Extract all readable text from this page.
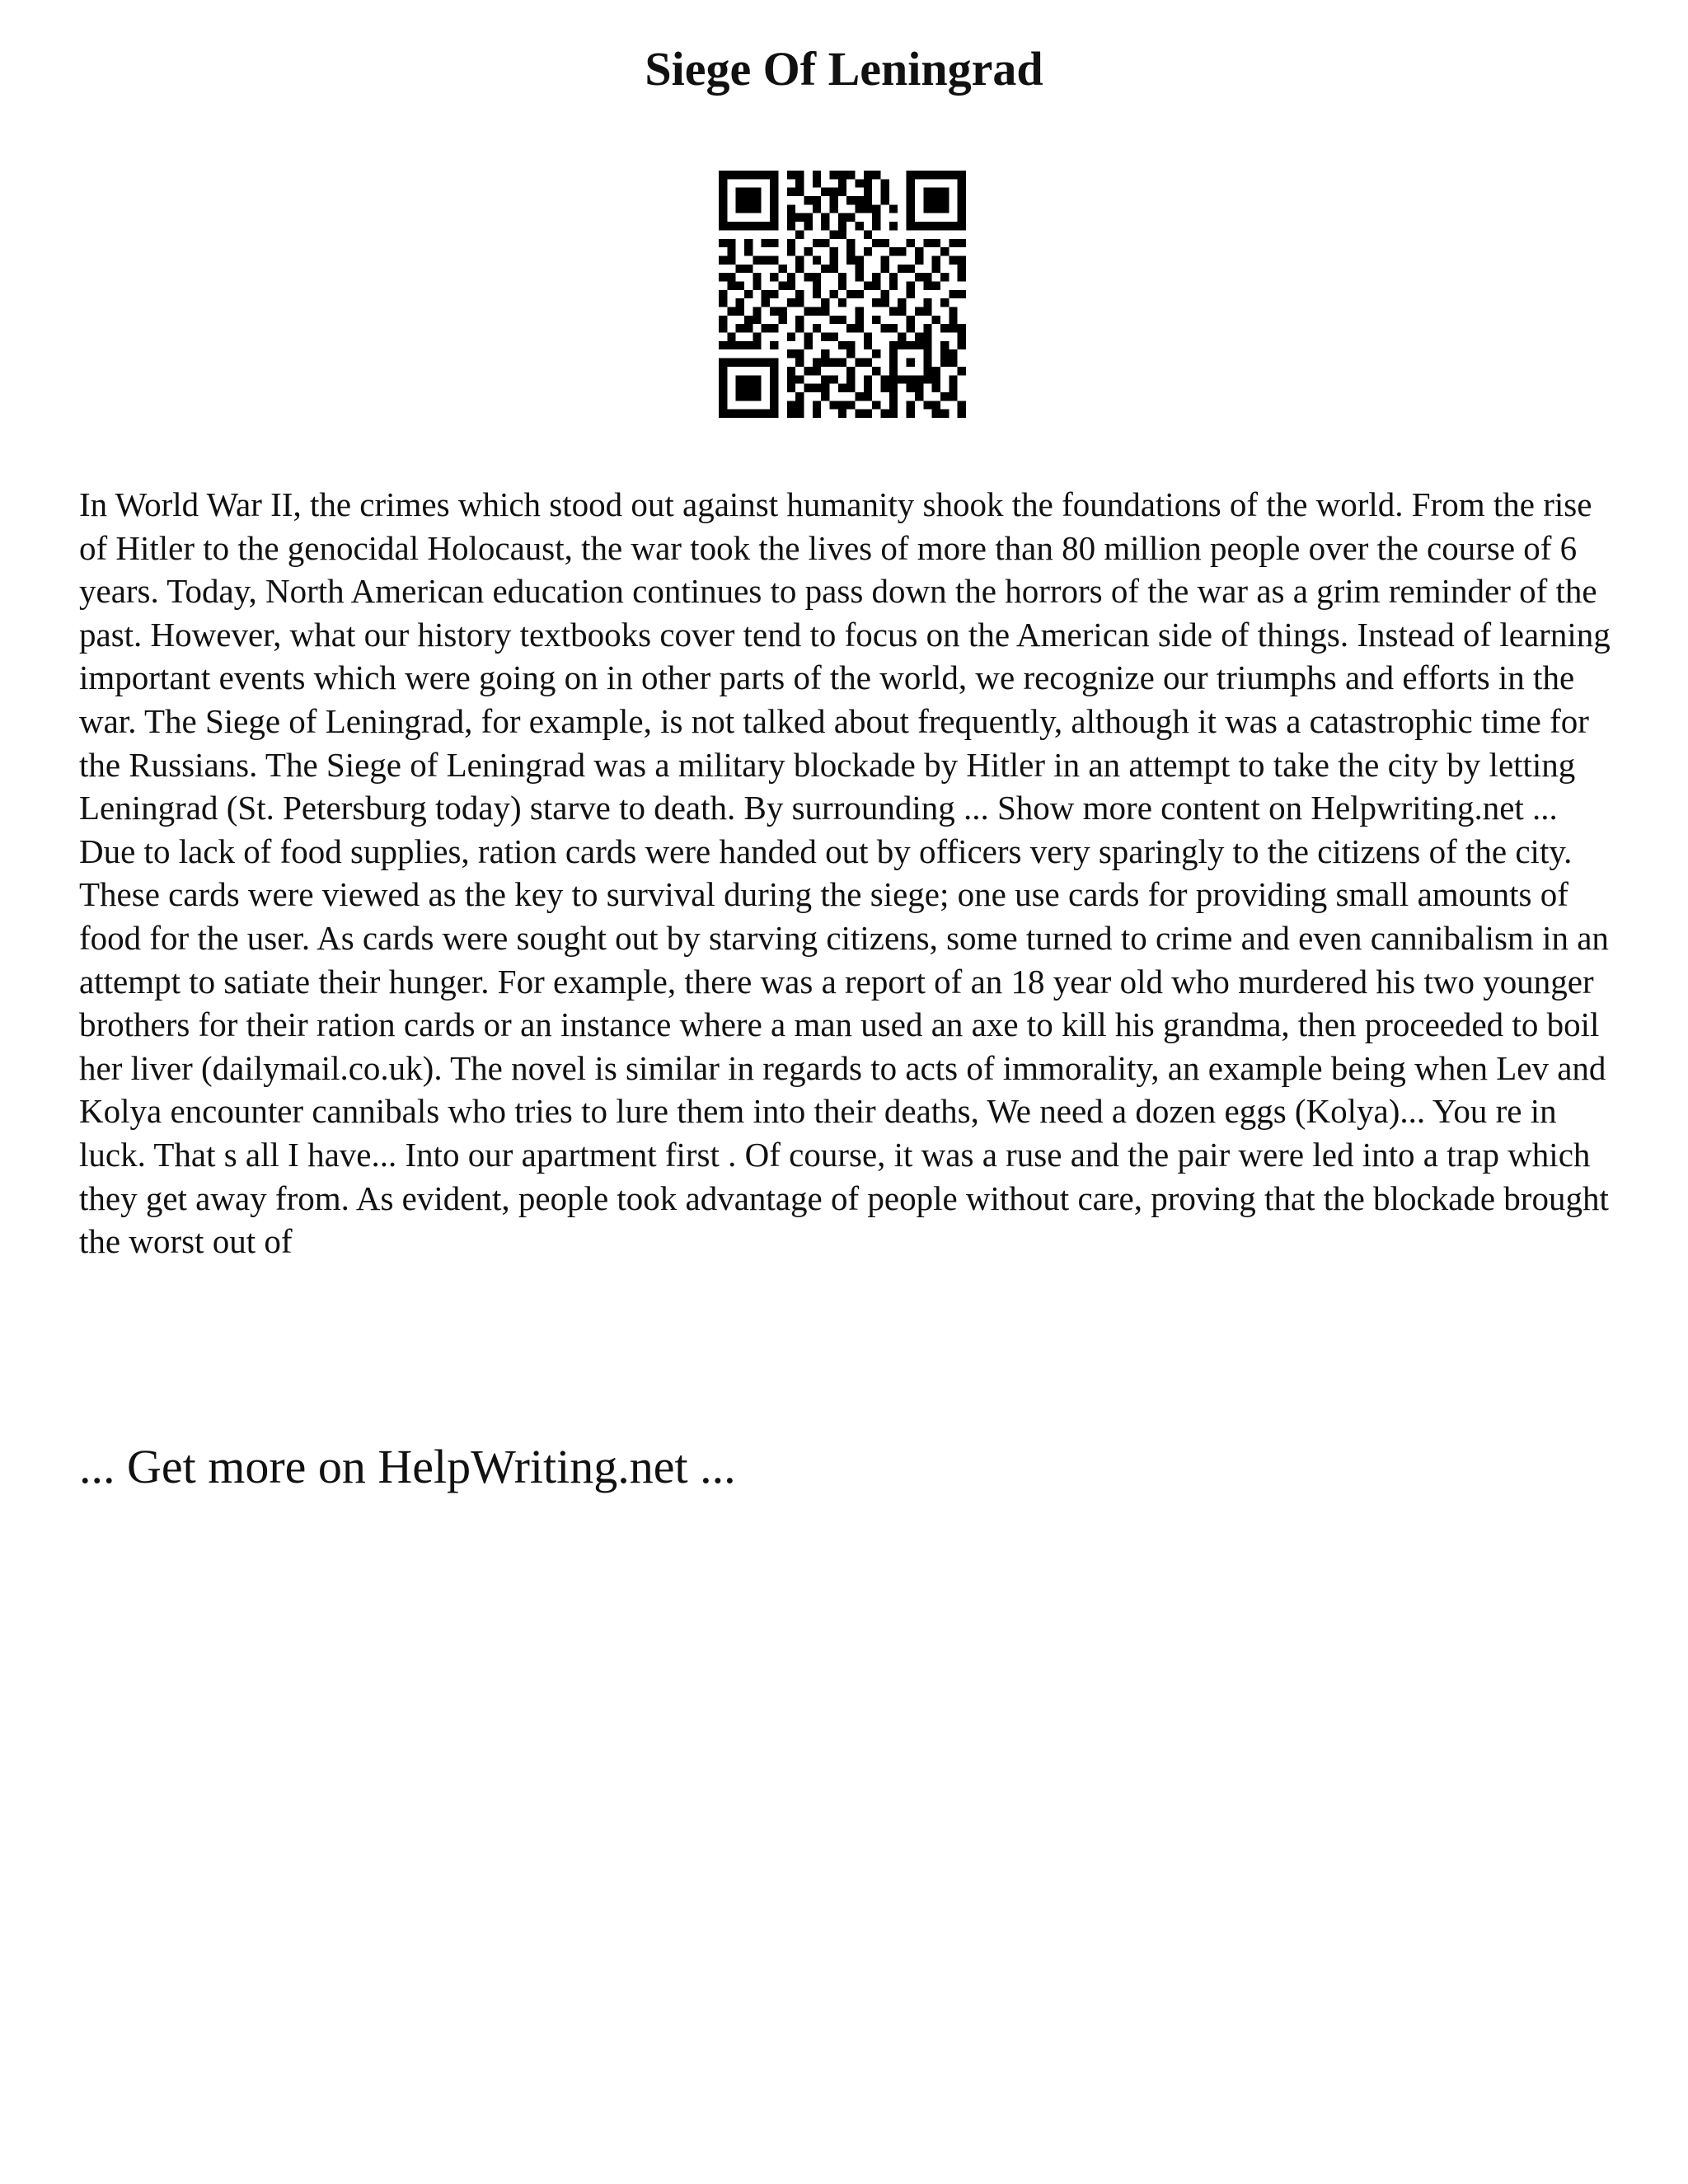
Siege Of Leningrad

In World War II, the crimes which stood out against humanity shook the foundations of the world. From the rise of Hitler to the genocidal Holocaust, the war took the lives of more than 80 million people over the course of 6 years. Today, North American education continues to pass down the horrors of the war as a grim reminder of the past. However, what our history textbooks cover tend to focus on the American side of things. Instead of learning important events which were going on in other parts of the world, we recognize our triumphs and efforts in the war. The Siege of Leningrad, for example, is not talked about frequently, although it was a catastrophic time for the Russians. The Siege of Leningrad was a military blockade by Hitler in an attempt to take the city by letting Leningrad (St. Petersburg today) starve to death. By surrounding ... Show more content on Helpwriting.net ...

Due to lack of food supplies, ration cards were handed out by officers very sparingly to the citizens of the city. These cards were viewed as the key to survival during the siege; one use cards for providing small amounts of food for the user. As cards were sought out by starving citizens, some turned to crime and even cannibalism in an attempt to satiate their hunger. For example, there was a report of an 18 year old who murdered his two younger brothers for their ration cards or an instance where a man used an axe to kill his grandma, then proceeded to boil her liver (dailymail.co.uk). The novel is similar in regards to acts of immorality, an example being when Lev and Kolya encounter cannibals who tries to lure them into their deaths, We need a dozen eggs (Kolya)... You re in luck. That s all I have... Into our apartment first . Of course, it was a ruse and the pair were led into a trap which they get away from. As evident, people took advantage of people without care, proving that the blockade brought the worst out of

... Get more on HelpWriting.net ...
